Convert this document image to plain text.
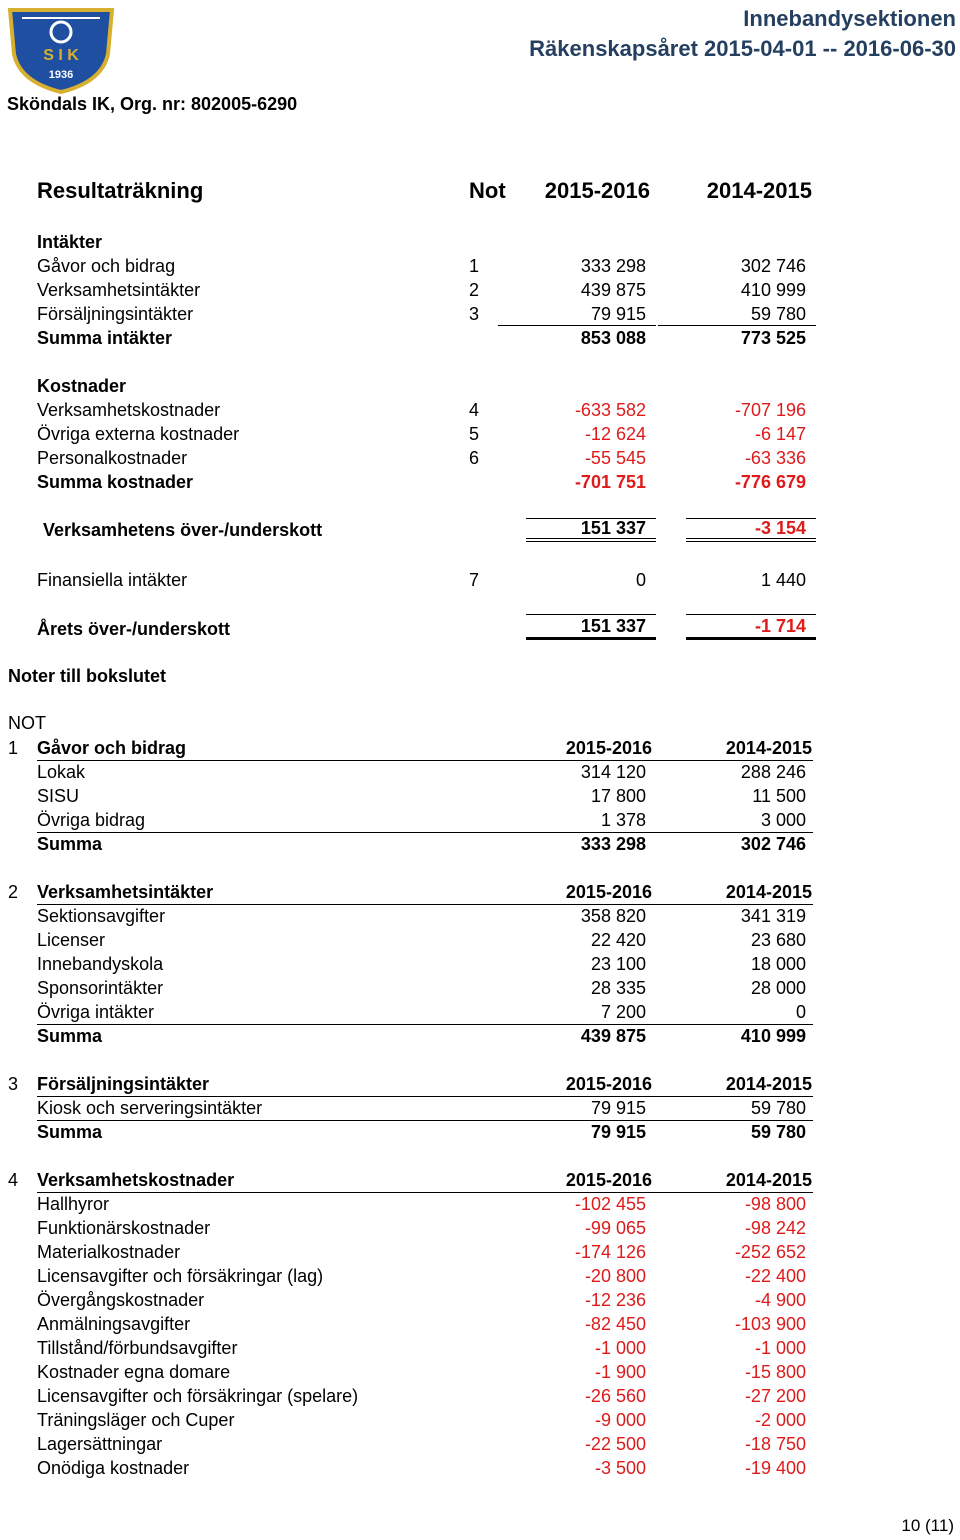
S I K
1936
Innebandysektionen
Räkenskapsåret 2015-04-01 -- 2016-06-30
Sköndals IK, Org. nr: 802005-6290
Resultaträkning	Not	2015-2016	2014-2015
Intäkter
Gåvor och bidrag	1	333 298	302 746
Verksamhetsintäkter	2	439 875	410 999
Försäljningsintäkter	3	79 915	59 780
Summa intäkter	853 088	773 525
Kostnader
Verksamhetskostnader	4	-633 582	-707 196
Övriga externa kostnader	5	-12 624	-6 147
Personalkostnader	6	-55 545	-63 336
Summa kostnader	-701 751	-776 679
Verksamhetens över-/underskott	151 337	-3 154
Finansiella intäkter	7	0	1 440
Årets över-/underskott	151 337	-1 714
Noter till bokslutet
NOT
1 Gåvor och bidrag	2015-2016	2014-2015
Lokak	314 120	288 246
SISU	17 800	11 500
Övriga bidrag	1 378	3 000
Summa	333 298	302 746
2 Verksamhetsintäkter	2015-2016	2014-2015
Sektionsavgifter	358 820	341 319
Licenser	22 420	23 680
Innebandyskola	23 100	18 000
Sponsorintäkter	28 335	28 000
Övriga intäkter	7 200	0
Summa	439 875	410 999
3 Försäljningsintäkter	2015-2016	2014-2015
Kiosk och serveringsintäkter	79 915	59 780
Summa	79 915	59 780
4 Verksamhetskostnader	2015-2016	2014-2015
Hallhyror	-102 455	-98 800
Funktionärskostnader	-99 065	-98 242
Materialkostnader	-174 126	-252 652
Licensavgifter och försäkringar (lag)	-20 800	-22 400
Övergångskostnader	-12 236	-4 900
Anmälningsavgifter	-82 450	-103 900
Tillstånd/förbundsavgifter	-1 000	-1 000
Kostnader egna domare	-1 900	-15 800
Licensavgifter och försäkringar (spelare)	-26 560	-27 200
Träningsläger och Cuper	-9 000	-2 000
Lagersättningar	-22 500	-18 750
Onödiga kostnader	-3 500	-19 400
10 (11)
